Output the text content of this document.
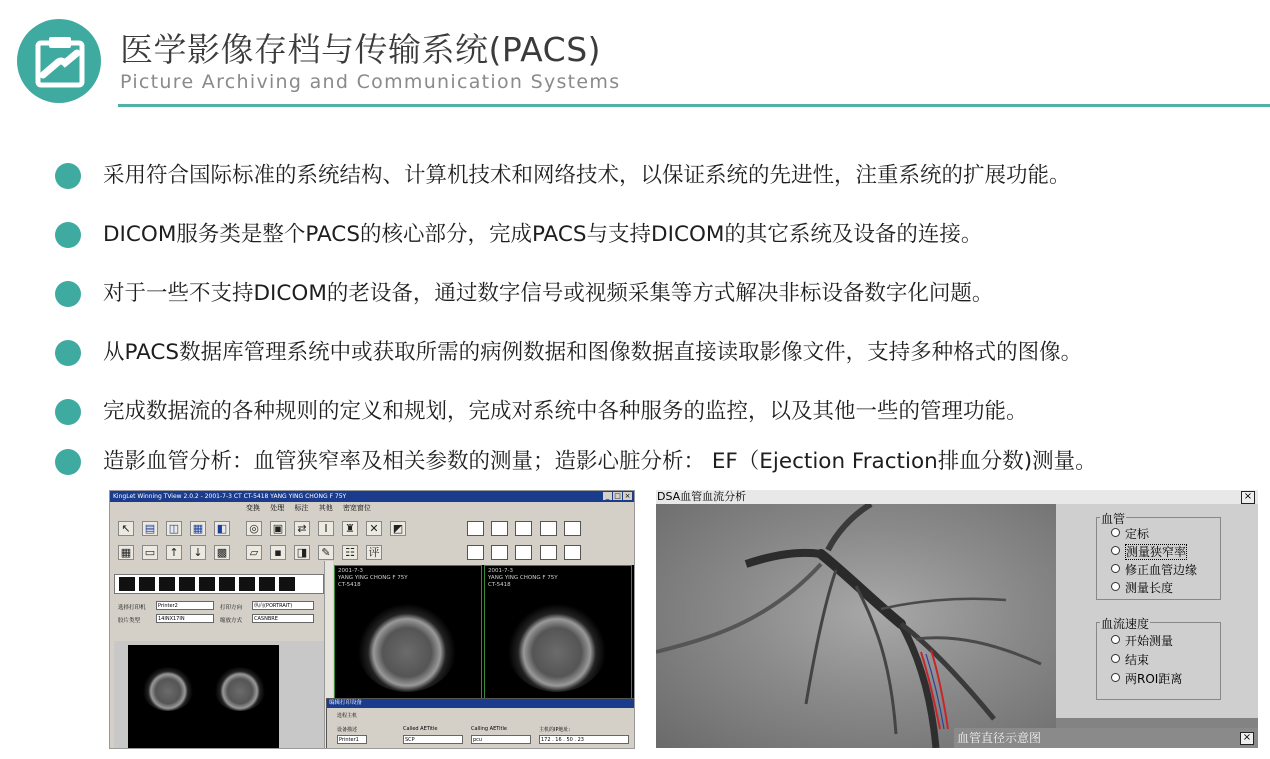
医学影像存档与传输系统(PACS)
Picture Archiving and Communication Systems
采用符合国际标准的系统结构、计算机技术和网络技术，以保证系统的先进性，注重系统的扩展功能。
DICOM服务类是整个PACS的核心部分，完成PACS与支持DICOM的其它系统及设备的连接。
对于一些不支持DICOM的老设备，通过数字信号或视频采集等方式解决非标设备数字化问题。
从PACS数据库管理系统中或获取所需的病例数据和图像数据直接读取影像文件，支持多种格式的图像。
完成数据流的各种规则的定义和规划，完成对系统中各种服务的监控，以及其他一些的管理功能。
造影血管分析：血管狭窄率及相关参数的测量；造影心脏分析： EF（Ejection Fraction排血分数)测量。
KingLet Winning TView 2.0.2 - 2001-7-3 CT CT-5418 YANG YING CHONG F 75Y	_ □ ×
变换 处理 标注 其他 密宽窗位
↖	▤ ◫ ▦ ◧ ◎ ▣	⇄	I	♜	✕	◩
▦ ▭	↑	↓	▩	▱	▪	◨	✎	☷ 评
选择打印机	Printer2	打印方向	纵向(PORTRAIT)
胶片类型	14INX17IN	缩放方式	CASNBRE
2001-7-3
YANG YING CHONG F 75Y
CT-5418
2001-7-3
YANG YING CHONG F 75Y
CT-5418
编辑打印设备
选程主机
设备描述	Called AETitle	Calling AETitle	主机的IP地址:
Printer1	SCP	pcu	172 . 16 . 50 . 23
DSA血管血流分析	×
血管
定标
测量狭窄率
修正血管边缘
测量长度
血流速度
开始测量
结束
两ROI距离
血管直径示意图	×
